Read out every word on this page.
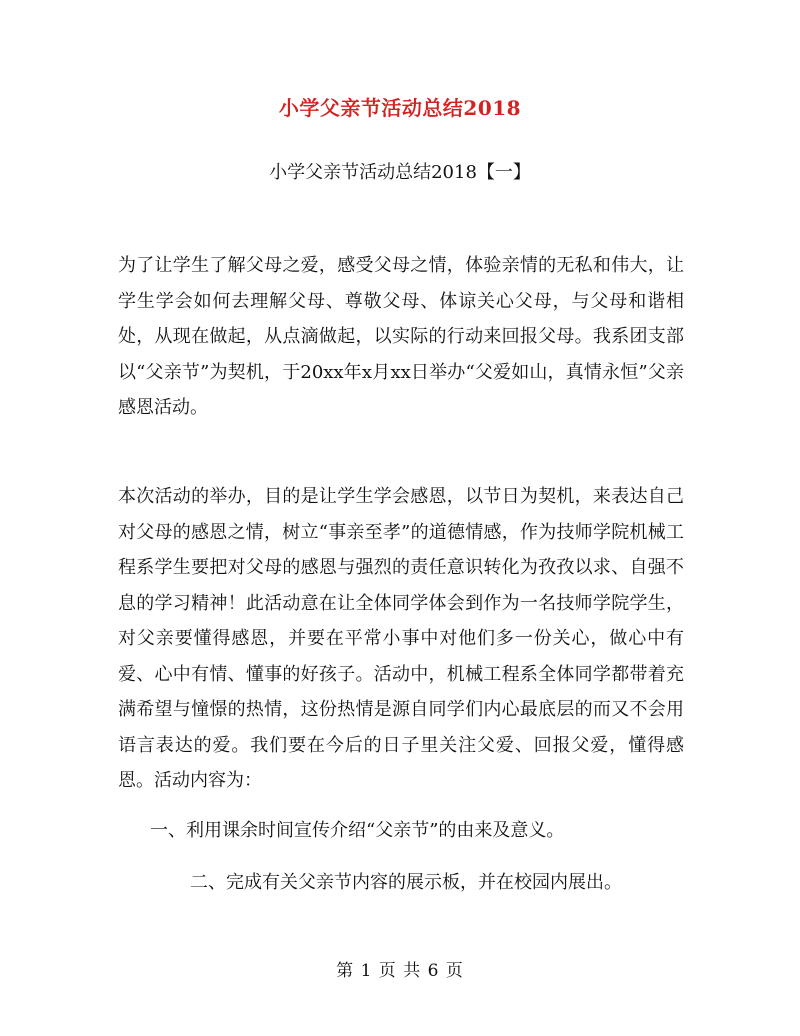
小学父亲节活动总结2018
小学父亲节活动总结2018【一】
为了让学生了解父母之爱，感受父母之情，体验亲情的无私和伟大，让学生学会如何去理解父母、尊敬父母、体谅关心父母，与父母和谐相处，从现在做起，从点滴做起，以实际的行动来回报父母。我系团支部以“父亲节”为契机，于20xx年x月xx日举办“父爱如山，真情永恒”父亲感恩活动。
本次活动的举办，目的是让学生学会感恩，以节日为契机，来表达自己对父母的感恩之情，树立“事亲至孝”的道德情感，作为技师学院机械工程系学生要把对父母的感恩与强烈的责任意识转化为孜孜以求、自强不息的学习精神！此活动意在让全体同学体会到作为一名技师学院学生，对父亲要懂得感恩，并要在平常小事中对他们多一份关心，做心中有爱、心中有情、懂事的好孩子。活动中，机械工程系全体同学都带着充满希望与憧憬的热情，这份热情是源自同学们内心最底层的而又不会用语言表达的爱。我们要在今后的日子里关注父爱、回报父爱，懂得感恩。活动内容为：
一、利用课余时间宣传介绍“父亲节”的由来及意义。
二、完成有关父亲节内容的展示板，并在校园内展出。
第 1 页 共 6 页
